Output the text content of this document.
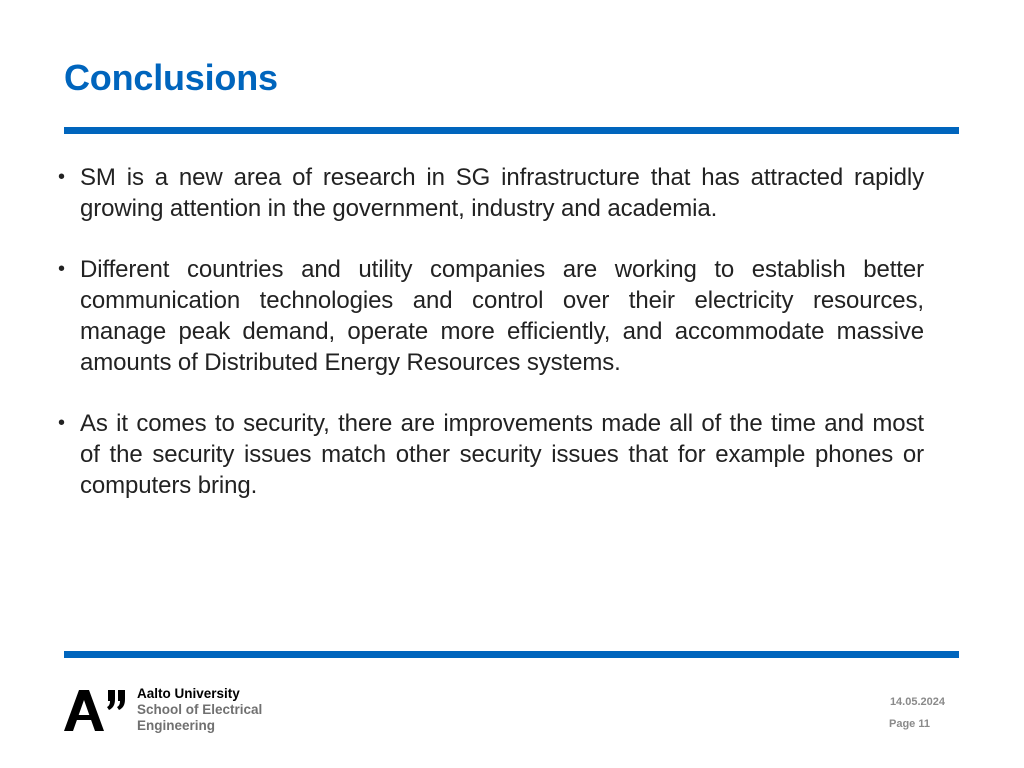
Conclusions
• SM is a new area of research in SG infrastructure that has attracted rapidly growing attention in the government, industry and academia.
• Different countries and utility companies are working to establish better communication technologies and control over their electricity resources, manage peak demand, operate more efficiently, and accommodate massive amounts of Distributed Energy Resources systems.
• As it comes to security, there are improvements made all of the time and most of the security issues match other security issues that for example phones or computers bring.
Aalto University
School of Electrical
Engineering
14.05.2024
Page 11
